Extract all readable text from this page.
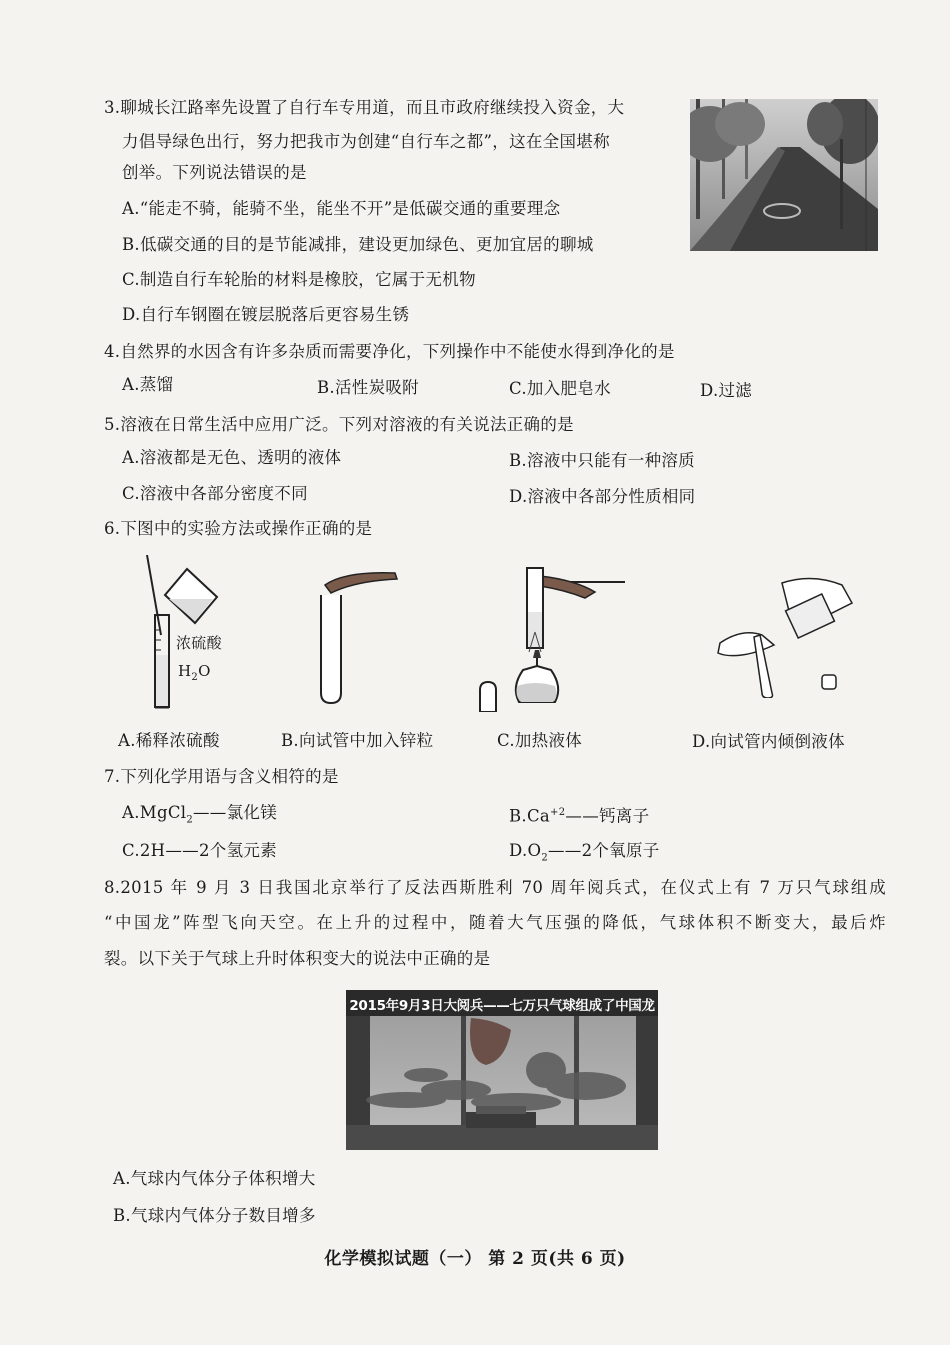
3.聊城长江路率先设置了自行车专用道，而且市政府继续投入资金，大
力倡导绿色出行，努力把我市为创建“自行车之都”，这在全国堪称
创举。下列说法错误的是
A.“能走不骑，能骑不坐，能坐不开”是低碳交通的重要理念
B.低碳交通的目的是节能减排，建设更加绿色、更加宜居的聊城
C.制造自行车轮胎的材料是橡胶，它属于无机物
D.自行车钢圈在镀层脱落后更容易生锈
4.自然界的水因含有许多杂质而需要净化，下列操作中不能使水得到净化的是
A.蒸馏	B.活性炭吸附	C.加入肥皂水	D.过滤
5.溶液在日常生活中应用广泛。下列对溶液的有关说法正确的是
A.溶液都是无色、透明的液体	B.溶液中只能有一种溶质
C.溶液中各部分密度不同	D.溶液中各部分性质相同
6.下图中的实验方法或操作正确的是
浓硫酸
$H_2O$
A.稀释浓硫酸	B.向试管中加入锌粒	C.加热液体	D.向试管内倾倒液体
7.下列化学用语与含义相符的是
A.MgCl$_2$——氯化镁	$B.Ca^{+2}——$钙离子
C.2H——2个氢元素	$D.O_2——2$个氧原子
8.2015 年 9 月 3 日我国北京举行了反法西斯胜利 70 周年阅兵式，在仪式上有 7 万只气球组成
“中国龙”阵型飞向天空。在上升的过程中，随着大气压强的降低，气球体积不断变大，最后炸
裂。以下关于气球上升时体积变大的说法中正确的是
2015年9月3日大阅兵——七万只气球组成了中国龙
A.气球内气体分子体积增大
B.气球内气体分子数目增多
化学模拟试题（一） 第 2 页(共 6 页)
